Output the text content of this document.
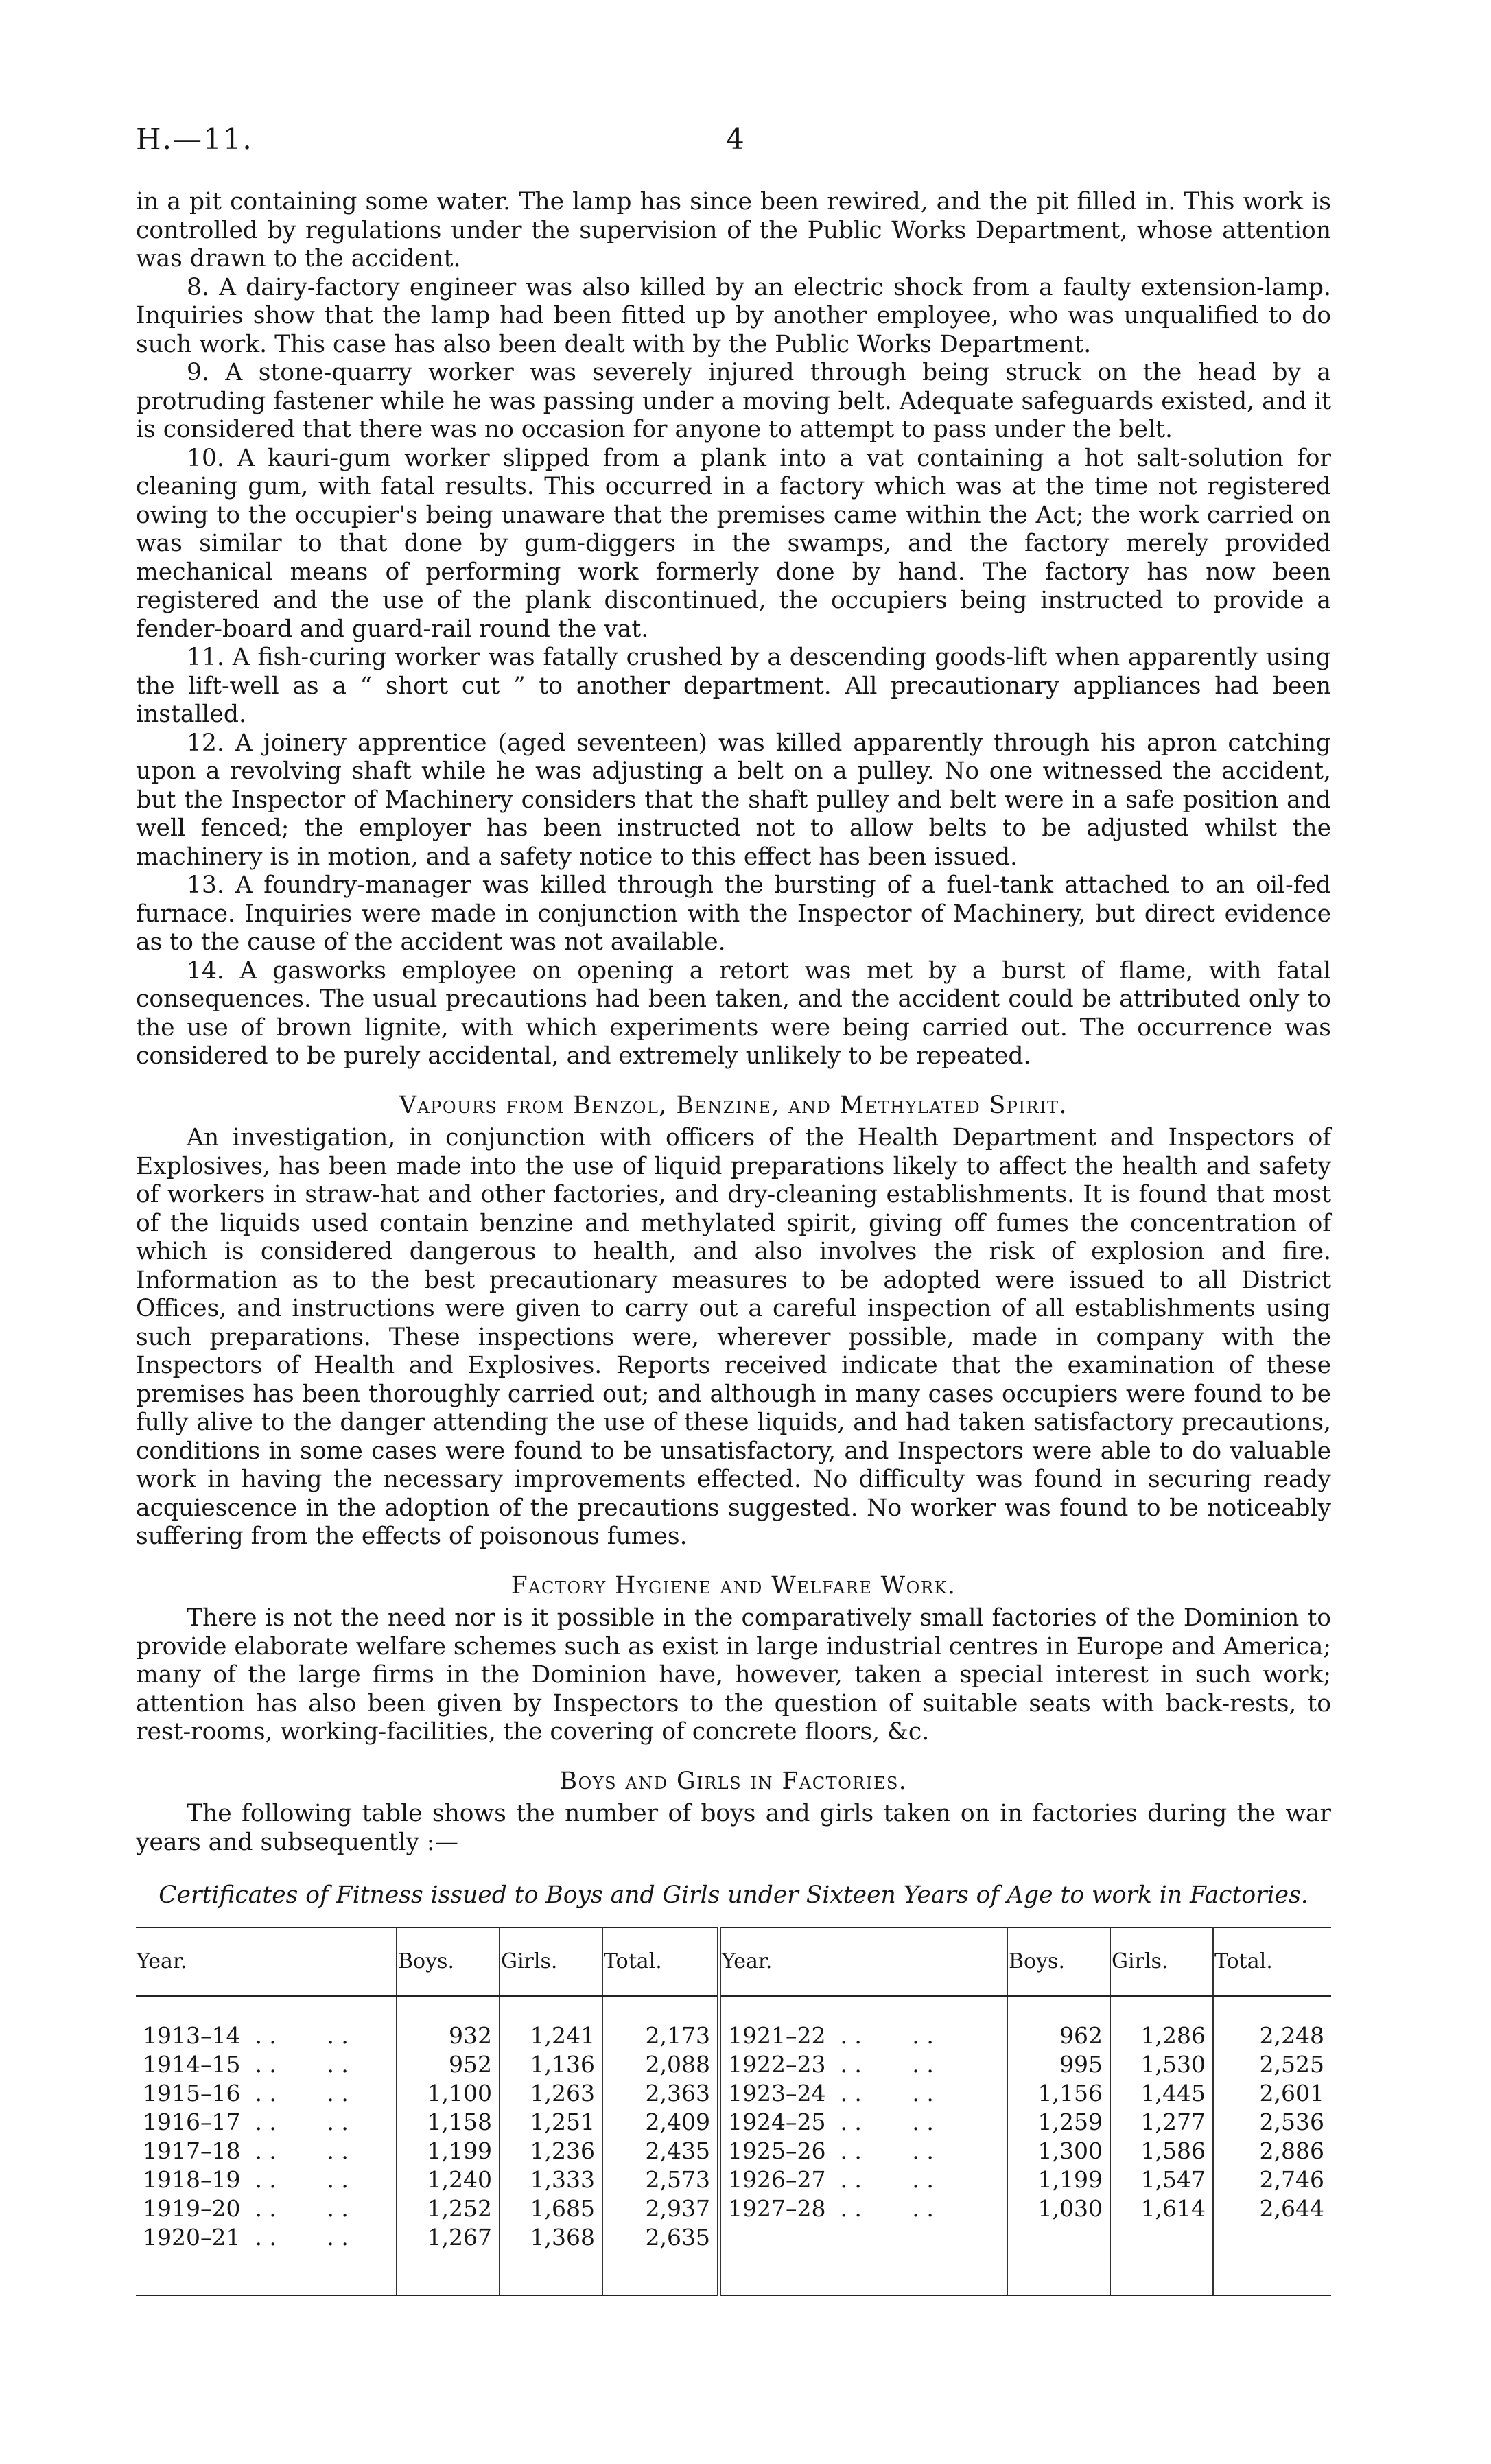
H.—11.	4

in a pit containing some water. The lamp has since been rewired, and the pit filled in. This work is controlled by regulations under the supervision of the Public Works Department, whose attention was drawn to the accident.

8. A dairy-factory engineer was also killed by an electric shock from a faulty extension-lamp. Inquiries show that the lamp had been fitted up by another employee, who was unqualified to do such work. This case has also been dealt with by the Public Works Department.

9. A stone-quarry worker was severely injured through being struck on the head by a protruding fastener while he was passing under a moving belt. Adequate safeguards existed, and it is considered that there was no occasion for anyone to attempt to pass under the belt.

10. A kauri-gum worker slipped from a plank into a vat containing a hot salt-solution for cleaning gum, with fatal results. This occurred in a factory which was at the time not registered owing to the occupier's being unaware that the premises came within the Act; the work carried on was similar to that done by gum-diggers in the swamps, and the factory merely provided mechanical means of performing work formerly done by hand. The factory has now been registered and the use of the plank discontinued, the occupiers being instructed to provide a fender-board and guard-rail round the vat.

11. A fish-curing worker was fatally crushed by a descending goods-lift when apparently using the lift-well as a “ short cut ” to another department. All precautionary appliances had been installed.

12. A joinery apprentice (aged seventeen) was killed apparently through his apron catching upon a revolving shaft while he was adjusting a belt on a pulley. No one witnessed the accident, but the Inspector of Machinery considers that the shaft pulley and belt were in a safe position and well fenced; the employer has been instructed not to allow belts to be adjusted whilst the machinery is in motion, and a safety notice to this effect has been issued.

13. A foundry-manager was killed through the bursting of a fuel-tank attached to an oil-fed furnace. Inquiries were made in conjunction with the Inspector of Machinery, but direct evidence as to the cause of the accident was not available.

14. A gasworks employee on opening a retort was met by a burst of flame, with fatal consequences. The usual precautions had been taken, and the accident could be attributed only to the use of brown lignite, with which experiments were being carried out. The occurrence was considered to be purely accidental, and extremely unlikely to be repeated.

Vapours from Benzol, Benzine, and Methylated Spirit.

An investigation, in conjunction with officers of the Health Department and Inspectors of Explosives, has been made into the use of liquid preparations likely to affect the health and safety of workers in straw-hat and other factories, and dry-cleaning establishments. It is found that most of the liquids used contain benzine and methylated spirit, giving off fumes the concentration of which is considered dangerous to health, and also involves the risk of explosion and fire. Information as to the best precautionary measures to be adopted were issued to all District Offices, and instructions were given to carry out a careful inspection of all establishments using such preparations. These inspections were, wherever possible, made in company with the Inspectors of Health and Explosives. Reports received indicate that the examination of these premises has been thoroughly carried out; and although in many cases occupiers were found to be fully alive to the danger attending the use of these liquids, and had taken satisfactory precautions, conditions in some cases were found to be unsatisfactory, and Inspectors were able to do valuable work in having the necessary improvements effected. No difficulty was found in securing ready acquiescence in the adoption of the precautions suggested. No worker was found to be noticeably suffering from the effects of poisonous fumes.

Factory Hygiene and Welfare Work.

There is not the need nor is it possible in the comparatively small factories of the Dominion to provide elaborate welfare schemes such as exist in large industrial centres in Europe and America; many of the large firms in the Dominion have, however, taken a special interest in such work; attention has also been given by Inspectors to the question of suitable seats with back-rests, to rest-rooms, working-facilities, the covering of concrete floors, &c.

Boys and Girls in Factories.

The following table shows the number of boys and girls taken on in factories during the war years and subsequently :—

Certificates of Fitness issued to Boys and Girls under Sixteen Years of Age to work in Factories.
Year.	Boys.	Girls.	Total.	Year.	Boys.	Girls.	Total.

1913–14  . .       . .	932	1,241	2,173	1921–22  . .       . .	962	1,286	2,248
1914–15  . .       . .	952	1,136	2,088	1922–23  . .       . .	995	1,530	2,525
1915–16  . .       . .	1,100	1,263	2,363	1923–24  . .       . .	1,156	1,445	2,601
1916–17  . .       . .	1,158	1,251	2,409	1924–25  . .       . .	1,259	1,277	2,536
1917–18  . .       . .	1,199	1,236	2,435	1925–26  . .       . .	1,300	1,586	2,886
1918–19  . .       . .	1,240	1,333	2,573	1926–27  . .       . .	1,199	1,547	2,746
1919–20  . .       . .	1,252	1,685	2,937	1927–28  . .       . .	1,030	1,614	2,644
1920–21  . .       . .	1,267	1,368	2,635				
